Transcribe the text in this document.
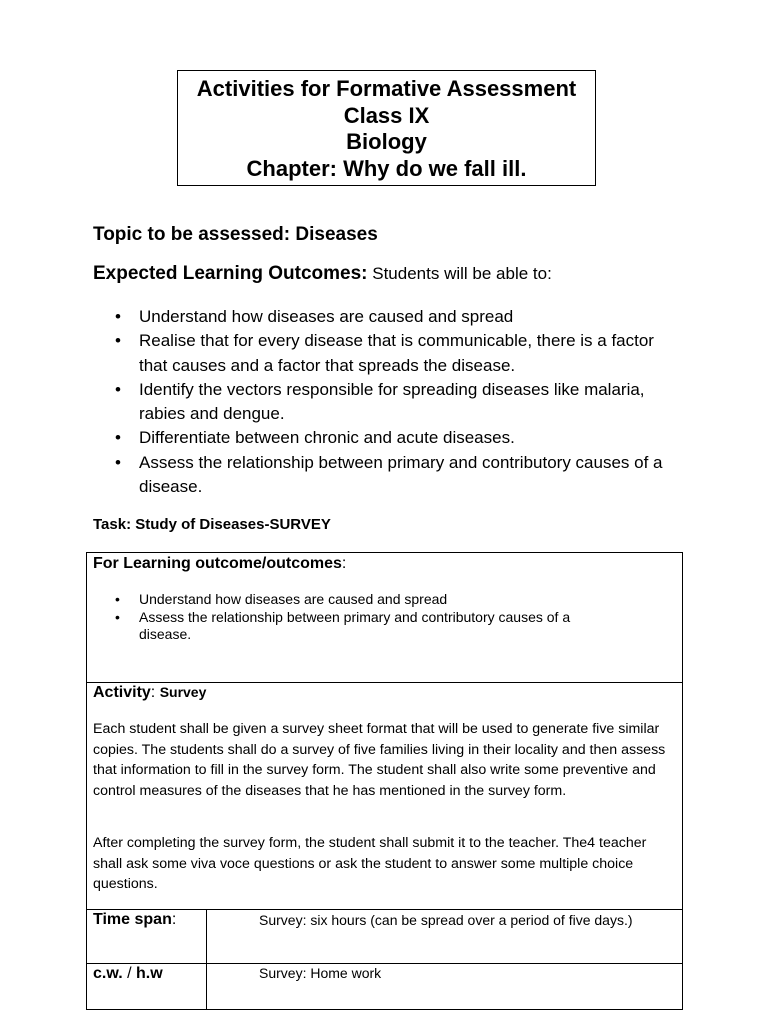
Activities for Formative Assessment
Class IX
Biology
Chapter: Why do we fall ill.
Topic to be assessed: Diseases
Expected Learning Outcomes: Students will be able to:
• Understand how diseases are caused and spread
• Realise that for every disease that is communicable, there is a factor that causes and a factor that spreads the disease.
• Identify the vectors responsible for spreading diseases like malaria, rabies and dengue.
• Differentiate between chronic and acute diseases.
• Assess the relationship between primary and contributory causes of a disease.
Task: Study of Diseases-SURVEY
For Learning outcome/outcomes:
• Understand how diseases are caused and spread
• Assess the relationship between primary and contributory causes of a disease.
Activity: Survey
Each student shall be given a survey sheet format that will be used to generate five similar copies. The students shall do a survey of five families living in their locality and then assess that information to fill in the survey form. The student shall also write some preventive and control measures of the diseases that he has mentioned in the survey form.
After completing the survey form, the student shall submit it to the teacher. The4 teacher shall ask some viva voce questions or ask the student to answer some multiple choice questions.
Time span:	Survey: six hours (can be spread over a period of five days.)
c.w. / h.w	Survey: Home work
